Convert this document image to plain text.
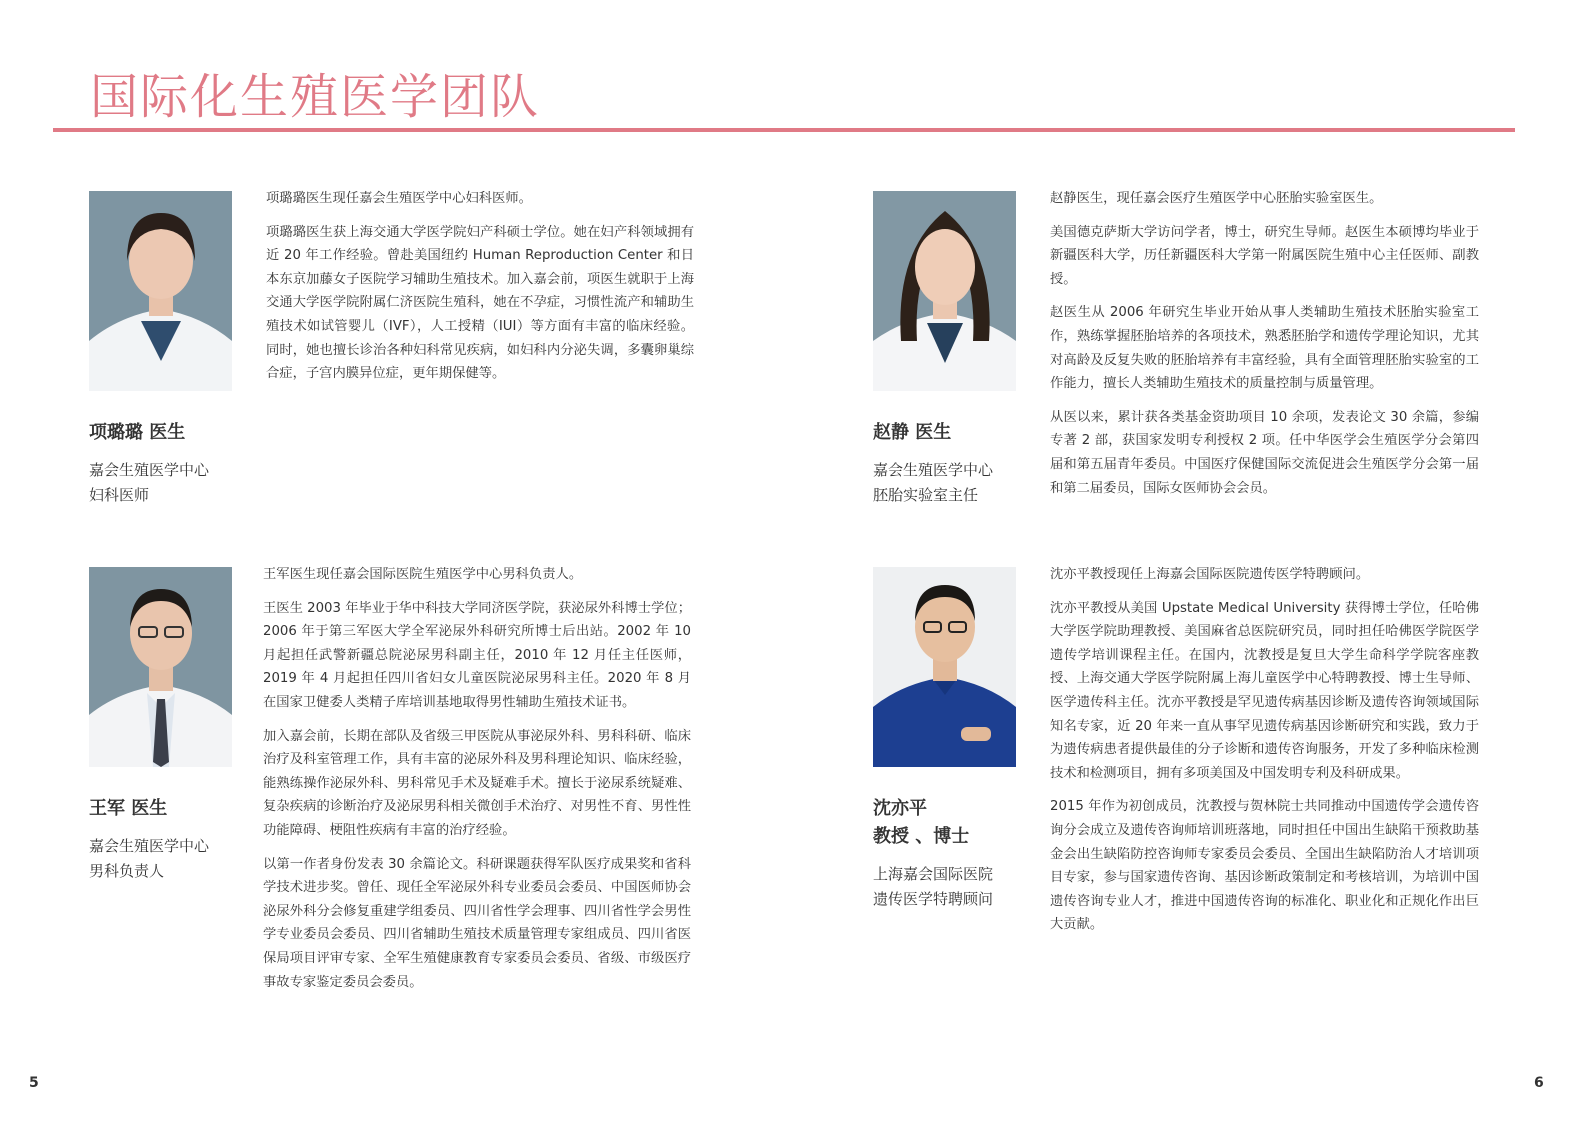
国际化生殖医学团队
项璐璐 医生
嘉会生殖医学中心
妇科医师

项璐璐医生现任嘉会生殖医学中心妇科医师。

项璐璐医生获上海交通大学医学院妇产科硕士学位。她在妇产科领域拥有近 20 年工作经验。曾赴美国纽约 Human Reproduction Center 和日本东京加藤女子医院学习辅助生殖技术。加入嘉会前，项医生就职于上海交通大学医学院附属仁济医院生殖科，她在不孕症，习惯性流产和辅助生殖技术如试管婴儿（IVF），人工授精（IUI）等方面有丰富的临床经验。同时，她也擅长诊治各种妇科常见疾病，如妇科内分泌失调，多囊卵巢综合症，子宫内膜异位症，更年期保健等。

赵静 医生
嘉会生殖医学中心
胚胎实验室主任

赵静医生，现任嘉会医疗生殖医学中心胚胎实验室医生。

美国德克萨斯大学访问学者，博士，研究生导师。赵医生本硕博均毕业于新疆医科大学，历任新疆医科大学第一附属医院生殖中心主任医师、副教授。

赵医生从 2006 年研究生毕业开始从事人类辅助生殖技术胚胎实验室工作，熟练掌握胚胎培养的各项技术，熟悉胚胎学和遗传学理论知识，尤其对高龄及反复失败的胚胎培养有丰富经验，具有全面管理胚胎实验室的工作能力，擅长人类辅助生殖技术的质量控制与质量管理。

从医以来，累计获各类基金资助项目 10 余项，发表论文 30 余篇，参编专著 2 部，获国家发明专利授权 2 项。任中华医学会生殖医学分会第四届和第五届青年委员。中国医疗保健国际交流促进会生殖医学分会第一届和第二届委员，国际女医师协会会员。

王军 医生
嘉会生殖医学中心
男科负责人

王军医生现任嘉会国际医院生殖医学中心男科负责人。

王医生 2003 年毕业于华中科技大学同济医学院，获泌尿外科博士学位；2006 年于第三军医大学全军泌尿外科研究所博士后出站。2002 年 10 月起担任武警新疆总院泌尿男科副主任，2010 年 12 月任主任医师，2019 年 4 月起担任四川省妇女儿童医院泌尿男科主任。2020 年 8 月在国家卫健委人类精子库培训基地取得男性辅助生殖技术证书。

加入嘉会前，长期在部队及省级三甲医院从事泌尿外科、男科科研、临床治疗及科室管理工作，具有丰富的泌尿外科及男科理论知识、临床经验，能熟练操作泌尿外科、男科常见手术及疑难手术。擅长于泌尿系统疑难、复杂疾病的诊断治疗及泌尿男科相关微创手术治疗、对男性不育、男性性功能障碍、梗阻性疾病有丰富的治疗经验。

以第一作者身份发表 30 余篇论文。科研课题获得军队医疗成果奖和省科学技术进步奖。曾任、现任全军泌尿外科专业委员会委员、中国医师协会泌尿外科分会修复重建学组委员、四川省性学会理事、四川省性学会男性学专业委员会委员、四川省辅助生殖技术质量管理专家组成员、四川省医保局项目评审专家、全军生殖健康教育专家委员会委员、省级、市级医疗事故专家鉴定委员会委员。

沈亦平
教授 、博士
上海嘉会国际医院
遗传医学特聘顾问

沈亦平教授现任上海嘉会国际医院遗传医学特聘顾问。

沈亦平教授从美国 Upstate Medical University 获得博士学位，任哈佛大学医学院助理教授、美国麻省总医院研究员，同时担任哈佛医学院医学遗传学培训课程主任。在国内，沈教授是复旦大学生命科学学院客座教授、上海交通大学医学院附属上海儿童医学中心特聘教授、博士生导师、医学遗传科主任。沈亦平教授是罕见遗传病基因诊断及遗传咨询领域国际知名专家，近 20 年来一直从事罕见遗传病基因诊断研究和实践，致力于为遗传病患者提供最佳的分子诊断和遗传咨询服务，开发了多种临床检测技术和检测项目，拥有多项美国及中国发明专利及科研成果。

2015 年作为初创成员，沈教授与贺林院士共同推动中国遗传学会遗传咨询分会成立及遗传咨询师培训班落地，同时担任中国出生缺陷干预救助基金会出生缺陷防控咨询师专家委员会委员、全国出生缺陷防治人才培训项目专家，参与国家遗传咨询、基因诊断政策制定和考核培训，为培训中国遗传咨询专业人才，推进中国遗传咨询的标准化、职业化和正规化作出巨大贡献。

5	6
